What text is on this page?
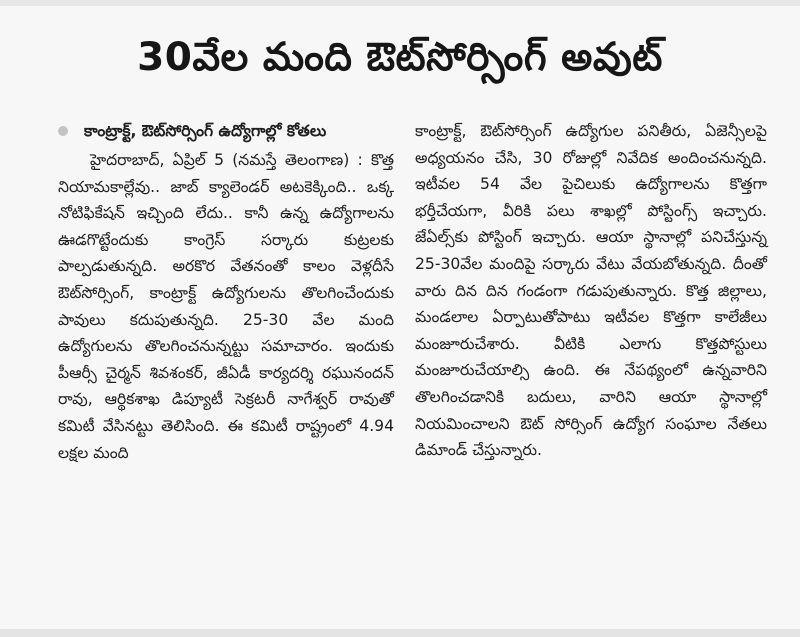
30వేల మంది ఔట్‌సోర్సింగ్ అవుట్
కాంట్రాక్ట్, ఔట్‌సోర్సింగ్ ఉద్యోగాల్లో కోతలు

హైదరాబాద్, ఏప్రిల్ 5 (నమస్తే తెలంగాణ) : కొత్త నియామకాల్లేవు.. జాబ్ క్యాలెండర్ అటకెక్కింది.. ఒక్క నోటిఫికేషన్ ఇచ్చింది లేదు.. కానీ ఉన్న ఉద్యోగాలను ఊడగొట్టేందుకు కాంగ్రెస్ సర్కారు కుట్రలకు పాల్పడుతున్నది. అరకొర వేతనంతో కాలం వెళ్లదీసే ఔట్‌సోర్సింగ్, కాంట్రాక్ట్ ఉద్యోగులను తొలగించేందుకు పావులు కదుపుతున్నది. 25-30 వేల మంది ఉద్యోగులను తొలగించనున్నట్టు సమాచారం. ఇందుకు పీఆర్సీ చైర్మన్ శివశంకర్, జీఏడీ కార్యదర్శి రఘునందన్ రావు, ఆర్థికశాఖ డిప్యూటీ సెక్రటరీ నాగేశ్వర్ రావుతో కమిటీ వేసినట్టు తెలిసింది. ఈ కమిటీ రాష్ట్రంలో 4.94 లక్షల మంది

కాంట్రాక్ట్, ఔట్‌సోర్సింగ్ ఉద్యోగుల పనితీరు, ఏజెన్సీలపై అధ్యయనం చేసి, 30 రోజుల్లో నివేదిక అందించనున్నది. ఇటీవల 54 వేల పైచిలుకు ఉద్యోగాలను కొత్తగా భర్తీచేయగా, వీరికి పలు శాఖల్లో పోస్టింగ్స్ ఇచ్చారు. జేఏల్స్‌కు పోస్టింగ్ ఇచ్చారు. ఆయా స్థానాల్లో పనిచేస్తున్న 25-30వేల మందిపై సర్కారు వేటు వేయబోతున్నది. దీంతో వారు దిన దిన గండంగా గడుపుతున్నారు. కొత్త జిల్లాలు, మండలాల ఏర్పాటుతోపాటు ఇటీవల కొత్తగా కాలేజీలు మంజూరుచేశారు. వీటికి ఎలాగు కొత్తపోస్టులు మంజూరుచేయాల్సి ఉంది. ఈ నేపథ్యంలో ఉన్నవారిని తొలగించడానికి బదులు, వారిని ఆయా స్థానాల్లో నియమించాలని ఔట్ సోర్సింగ్ ఉద్యోగ సంఘాల నేతలు డిమాండ్ చేస్తున్నారు.
